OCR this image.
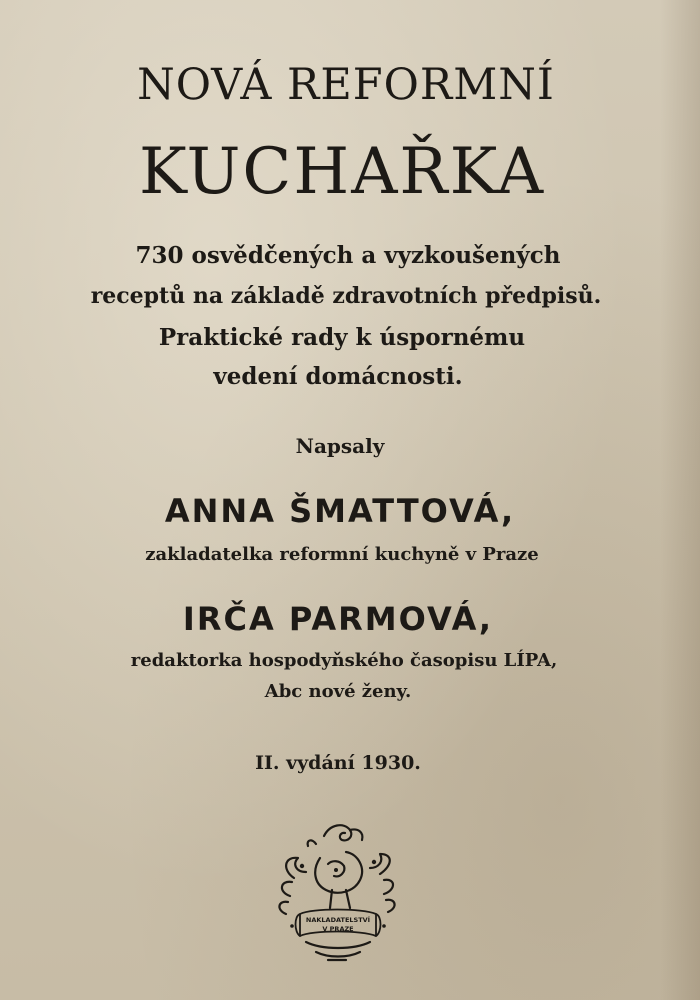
NOVÁ REFORMNÍ
KUCHAŘKA
730 osvědčených a vyzkoušených
receptů na základě zdravotních předpisů.
Praktické rady k úspornému
vedení domácnosti.
Napsaly
ANNA ŠMATTOVÁ,
zakladatelka reformní kuchyně v Praze
IRČA PARMOVÁ,
redaktorka hospodyňského časopisu LÍPA,
Abc nové ženy.
II. vydání 1930.
NAKLADATELSTVÍ
V PRAZE
